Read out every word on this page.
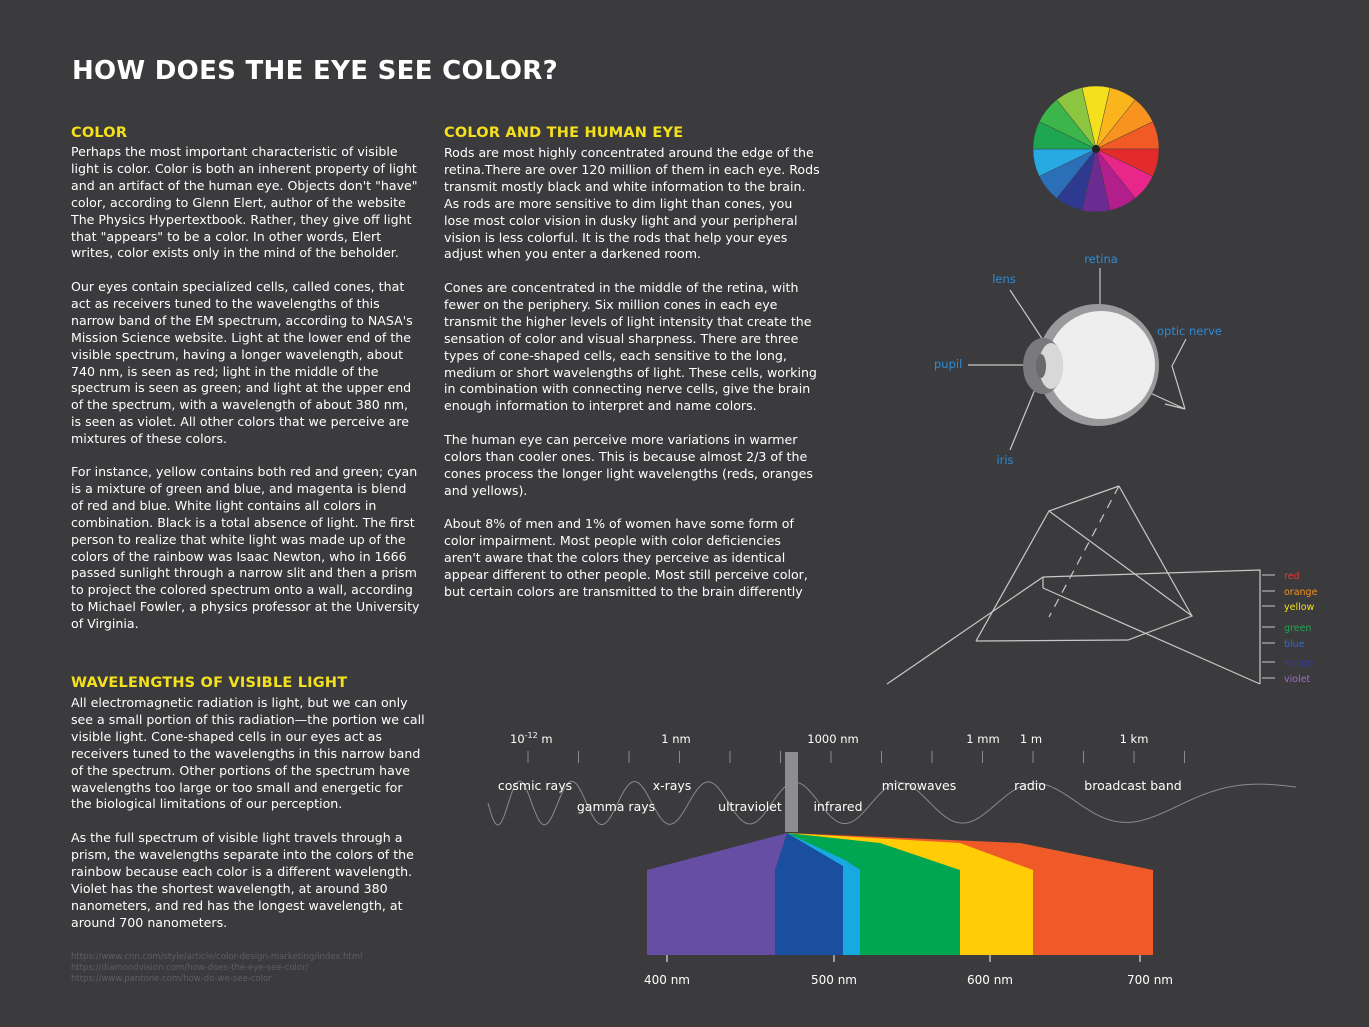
HOW DOES THE EYE SEE COLOR?
COLOR

Perhaps the most important characteristic of visible
light is color. Color is both an inherent property of light
and an artifact of the human eye. Objects don't "have"
color, according to Glenn Elert, author of the website
The Physics Hypertextbook. Rather, they give off light
that "appears" to be a color. In other words, Elert
writes, color exists only in the mind of the beholder.

Our eyes contain specialized cells, called cones, that
act as receivers tuned to the wavelengths of this
narrow band of the EM spectrum, according to NASA's
Mission Science website. Light at the lower end of the
visible spectrum, having a longer wavelength, about
740 nm, is seen as red; light in the middle of the
spectrum is seen as green; and light at the upper end
of the spectrum, with a wavelength of about 380 nm,
is seen as violet. All other colors that we perceive are
mixtures of these colors.

For instance, yellow contains both red and green; cyan
is a mixture of green and blue, and magenta is blend
of red and blue. White light contains all colors in
combination. Black is a total absence of light. The first
person to realize that white light was made up of the
colors of the rainbow was Isaac Newton, who in 1666
passed sunlight through a narrow slit and then a prism
to project the colored spectrum onto a wall, according
to Michael Fowler, a physics professor at the University
of Virginia.

WAVELENGTHS OF VISIBLE LIGHT

All electromagnetic radiation is light, but we can only
see a small portion of this radiation—the portion we call
visible light. Cone-shaped cells in our eyes act as
receivers tuned to the wavelengths in this narrow band
of the spectrum. Other portions of the spectrum have
wavelengths too large or too small and energetic for
the biological limitations of our perception.

As the full spectrum of visible light travels through a
prism, the wavelengths separate into the colors of the
rainbow because each color is a different wavelength.
Violet has the shortest wavelength, at around 380
nanometers, and red has the longest wavelength, at
around 700 nanometers.

https://www.cnn.com/style/article/color-design-marketing/index.html
https://diamondvision.com/how-does-the-eye-see-color/
https://www.pantone.com/how-do-we-see-color
COLOR AND THE HUMAN EYE

Rods are most highly concentrated around the edge of the
retina.There are over 120 million of them in each eye. Rods
transmit mostly black and white information to the brain.
As rods are more sensitive to dim light than cones, you
lose most color vision in dusky light and your peripheral
vision is less colorful. It is the rods that help your eyes
adjust when you enter a darkened room.

Cones are concentrated in the middle of the retina, with
fewer on the periphery. Six million cones in each eye
transmit the higher levels of light intensity that create the
sensation of color and visual sharpness. There are three
types of cone-shaped cells, each sensitive to the long,
medium or short wavelengths of light. These cells, working
in combination with connecting nerve cells, give the brain
enough information to interpret and name colors.

The human eye can perceive more variations in warmer
colors than cooler ones. This is because almost 2/3 of the
cones process the longer light wavelengths (reds, oranges
and yellows).

About 8% of men and 1% of women have some form of
color impairment. Most people with color deficiencies
aren't aware that the colors they perceive as identical
appear different to other people. Most still perceive color,
but certain colors are transmitted to the brain differently

retina
lens
optic nerve
pupil
iris
red
orange
yellow
green
blue
indigo
violet
$10^{-12}$ m	1 nm	1000 nm	1 mm 1 m	1 km
cosmic rays	x-rays	microwaves	radio	broadcast band
gamma rays	ultraviolet	infrared
400 nm	500 nm	600 nm	700 nm
